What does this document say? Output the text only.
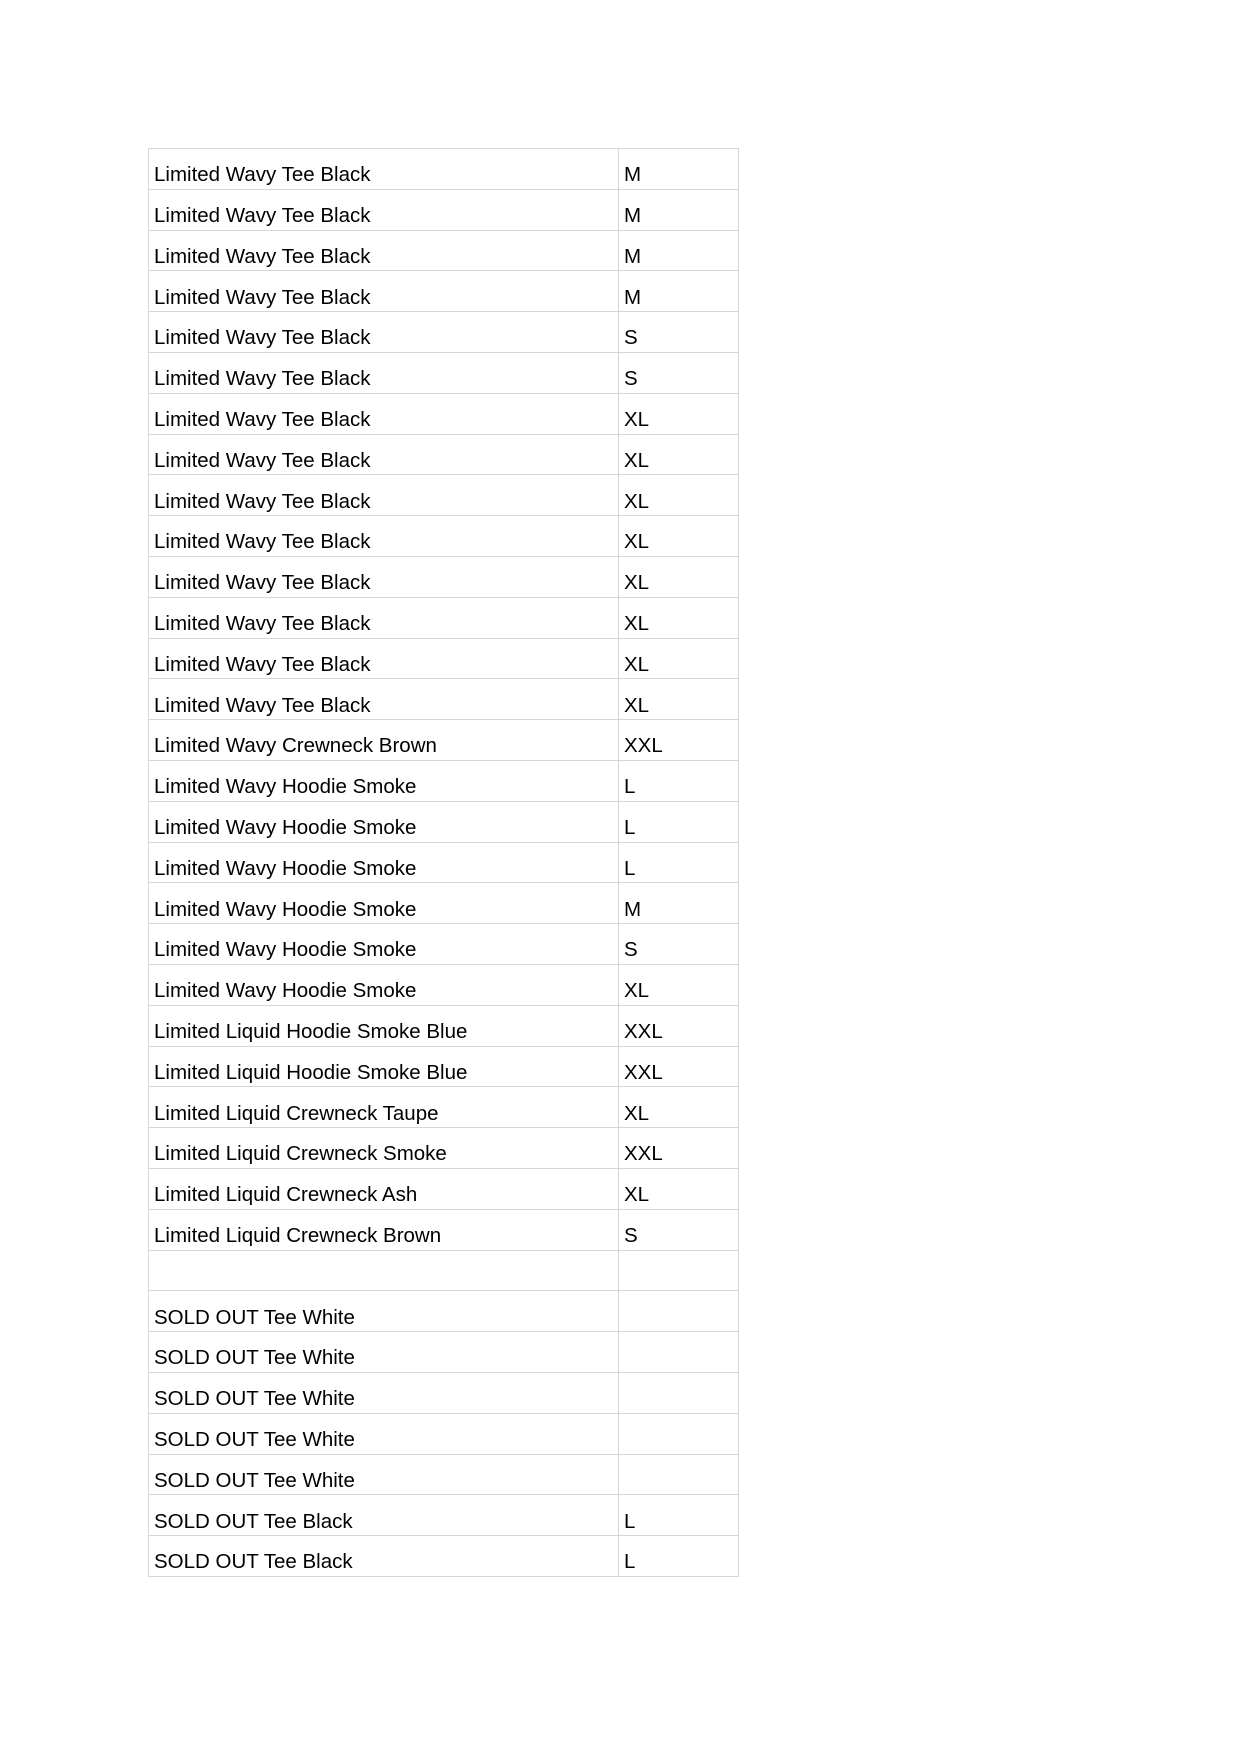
Limited Wavy Tee Black	M
Limited Wavy Tee Black	M
Limited Wavy Tee Black	M
Limited Wavy Tee Black	M
Limited Wavy Tee Black	S
Limited Wavy Tee Black	S
Limited Wavy Tee Black	XL
Limited Wavy Tee Black	XL
Limited Wavy Tee Black	XL
Limited Wavy Tee Black	XL
Limited Wavy Tee Black	XL
Limited Wavy Tee Black	XL
Limited Wavy Tee Black	XL
Limited Wavy Tee Black	XL
Limited Wavy Crewneck Brown	XXL
Limited Wavy Hoodie Smoke	L
Limited Wavy Hoodie Smoke	L
Limited Wavy Hoodie Smoke	L
Limited Wavy Hoodie Smoke	M
Limited Wavy Hoodie Smoke	S
Limited Wavy Hoodie Smoke	XL
Limited Liquid Hoodie Smoke Blue	XXL
Limited Liquid Hoodie Smoke Blue	XXL
Limited Liquid Crewneck Taupe	XL
Limited Liquid Crewneck Smoke	XXL
Limited Liquid Crewneck Ash	XL
Limited Liquid Crewneck Brown	S

SOLD OUT Tee White	
SOLD OUT Tee White	
SOLD OUT Tee White	
SOLD OUT Tee White	
SOLD OUT Tee White	
SOLD OUT Tee Black	L
SOLD OUT Tee Black	L
